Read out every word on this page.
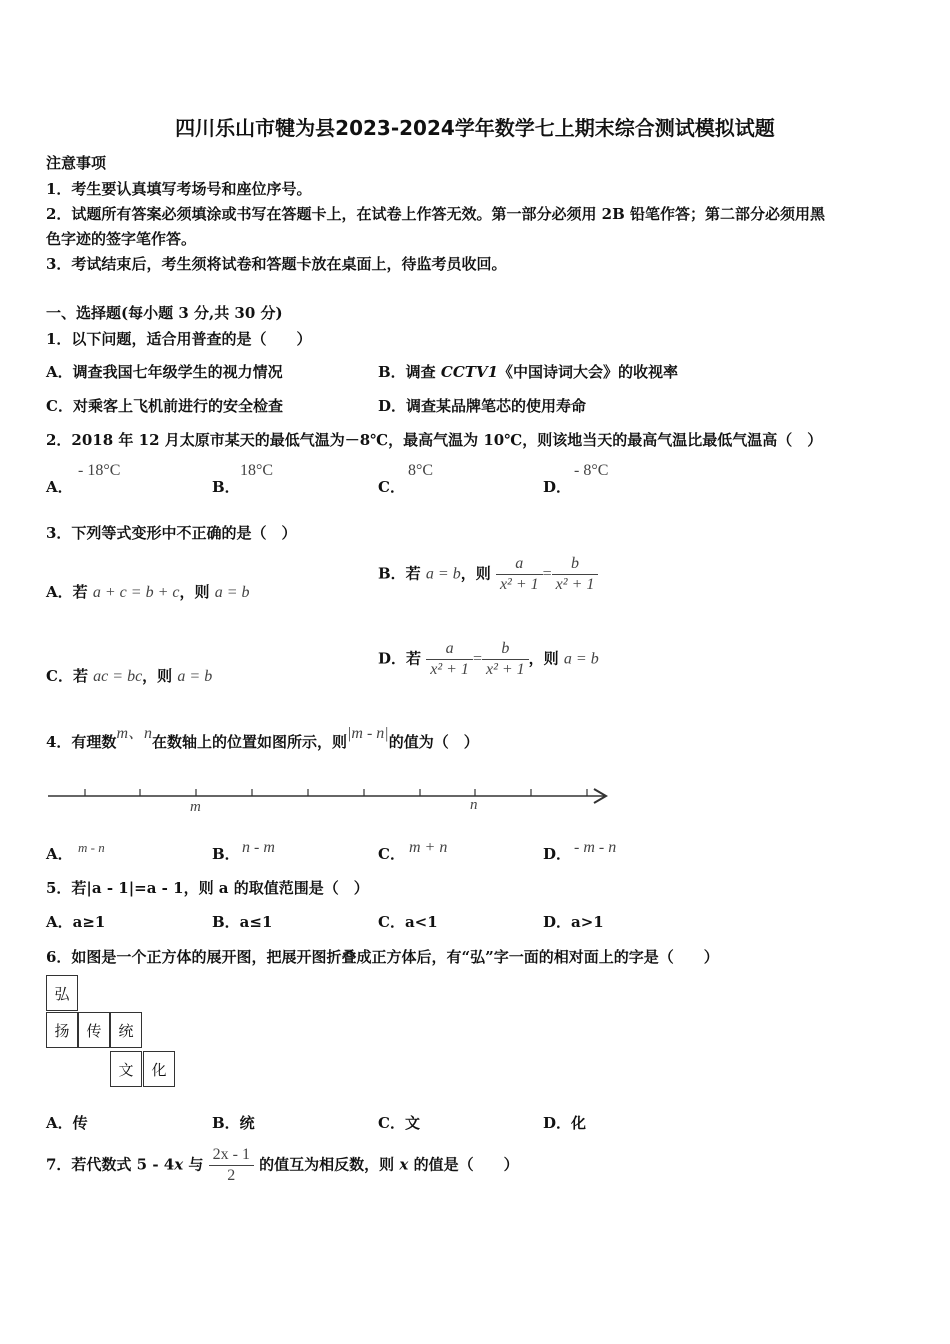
四川乐山市犍为县2023-2024学年数学七上期末综合测试模拟试题
注意事项
1．考生要认真填写考场号和座位序号。
2．试题所有答案必须填涂或书写在答题卡上，在试卷上作答无效。第一部分必须用 2B 铅笔作答；第二部分必须用黑
色字迹的签字笔作答。
3．考试结束后，考生须将试卷和答题卡放在桌面上，待监考员收回。
一、选择题(每小题 3 分,共 30 分)
1．以下问题，适合用普查的是（　　）
A．调查我国七年级学生的视力情况	B．调查 CCTV1《中国诗词大会》的收视率
C．对乘客上飞机前进行的安全检查	D．调查某品牌笔芯的使用寿命
2．2018 年 12 月太原市某天的最低气温为－8℃，最高气温为 10℃，则该地当天的最高气温比最低气温高（　）
A．
- 18°C
B．
18°C
C．
8°C
D．
- 8°C
3．下列等式变形中不正确的是（　）
A．若 a + c = b + c，则 a = b
B．若 a = b，则 $\frac{a}{\text{x² + 1}} = \frac{b}{\text{x² + 1}}$
C．若 ac = bc，则 a = b
D．若 $\frac{a}{\text{x² + 1}} = \frac{b}{\text{x² + 1}}$ ，则 a = b
4．有理数m、n在数轴上的位置如图所示，则|m - n|的值为（　）
m	n
A． m - n	B． n - m	C． m + n	D． - m - n
5．若|a - 1|=a - 1，则 a 的取值范围是（　）
A．a≥1	B．a≤1	C．a<1	D．a>1
6．如图是一个正方体的展开图，把展开图折叠成正方体后，有“弘”字一面的相对面上的字是（　　）
弘
扬	传	统
文	化
A．传	B．统	C．文	D．化
7．若代数式 5 - 4x 与 $\frac{2x - 1}{2}$ 的值互为相反数，则 x 的值是（　　）
